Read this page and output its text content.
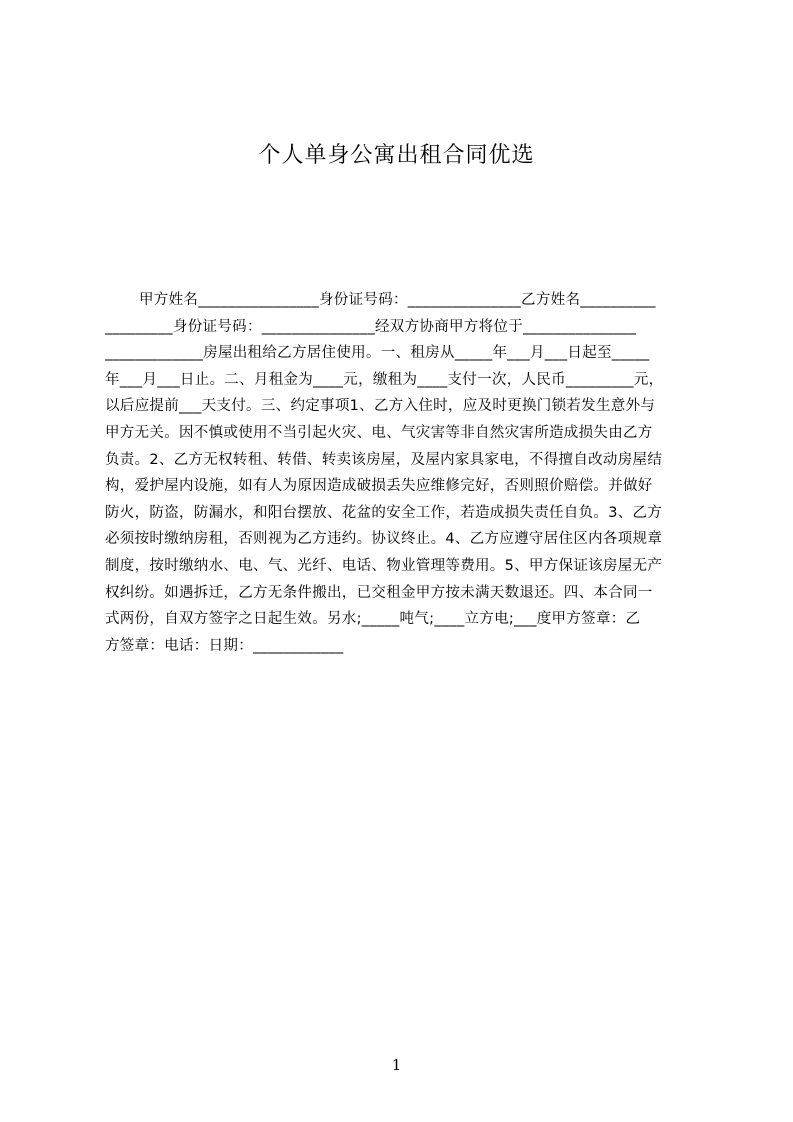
个人单身公寓出租合同优选
甲方姓名________________身份证号码：_______________乙方姓名__________
_________身份证号码：_______________经双方协商甲方将位于_______________
_____________房屋出租给乙方居住使用。一、租房从_____年___月___日起至_____
年___月___日止。二、月租金为____元，缴租为____支付一次，人民币_________元，
以后应提前___天支付。三、约定事项1、乙方入住时，应及时更换门锁若发生意外与
甲方无关。因不慎或使用不当引起火灾、电、气灾害等非自然灾害所造成损失由乙方
负责。2、乙方无权转租、转借、转卖该房屋，及屋内家具家电，不得擅自改动房屋结
构，爱护屋内设施，如有人为原因造成破损丢失应维修完好，否则照价赔偿。并做好
防火，防盗，防漏水，和阳台摆放、花盆的安全工作，若造成损失责任自负。3、乙方
必须按时缴纳房租，否则视为乙方违约。协议终止。4、乙方应遵守居住区内各项规章
制度，按时缴纳水、电、气、光纤、电话、物业管理等费用。5、甲方保证该房屋无产
权纠纷。如遇拆迁，乙方无条件搬出，已交租金甲方按未满天数退还。四、本合同一
式两份，自双方签字之日起生效。另水;_____吨气;____立方电;___度甲方签章：乙
方签章：电话：日期：____________
1
